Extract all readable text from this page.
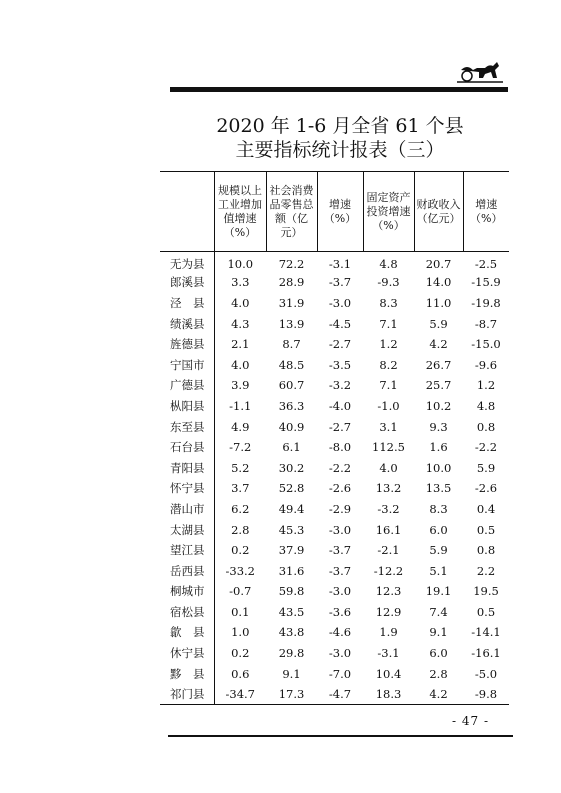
2020 年 1-6 月全省 61 个县
主要指标统计报表（三）
	规模以上工业增加值增速（%）	社会消费品零售总额（亿元）	增速（%）	固定资产投资增速（%）	财政收入（亿元）	增速（%）
无为县	10.0	72.2	-3.1	4.8	20.7	-2.5
郎溪县	3.3	28.9	-3.7	-9.3	14.0	-15.9
泾　县	4.0	31.9	-3.0	8.3	11.0	-19.8
绩溪县	4.3	13.9	-4.5	7.1	5.9	-8.7
旌德县	2.1	8.7	-2.7	1.2	4.2	-15.0
宁国市	4.0	48.5	-3.5	8.2	26.7	-9.6
广德县	3.9	60.7	-3.2	7.1	25.7	1.2
枞阳县	-1.1	36.3	-4.0	-1.0	10.2	4.8
东至县	4.9	40.9	-2.7	3.1	9.3	0.8
石台县	-7.2	6.1	-8.0	112.5	1.6	-2.2
青阳县	5.2	30.2	-2.2	4.0	10.0	5.9
怀宁县	3.7	52.8	-2.6	13.2	13.5	-2.6
潜山市	6.2	49.4	-2.9	-3.2	8.3	0.4
太湖县	2.8	45.3	-3.0	16.1	6.0	0.5
望江县	0.2	37.9	-3.7	-2.1	5.9	0.8
岳西县	-33.2	31.6	-3.7	-12.2	5.1	2.2
桐城市	-0.7	59.8	-3.0	12.3	19.1	19.5
宿松县	0.1	43.5	-3.6	12.9	7.4	0.5
歙　县	1.0	43.8	-4.6	1.9	9.1	-14.1
休宁县	0.2	29.8	-3.0	-3.1	6.0	-16.1
黟　县	0.6	9.1	-7.0	10.4	2.8	-5.0
祁门县	-34.7	17.3	-4.7	18.3	4.2	-9.8
- 47 -
